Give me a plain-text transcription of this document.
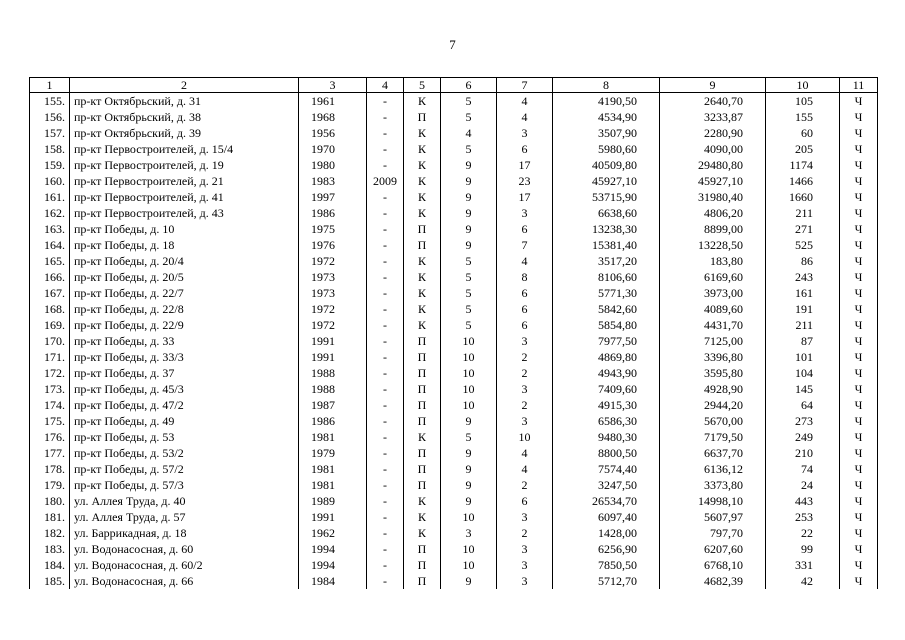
7
1	2	3	4	5	6	7	8	9	10	11
155.	пр-кт Октябрьский, д. 31	1961	-	К	5	4	4190,50	2640,70	105	Ч
156.	пр-кт Октябрьский, д. 38	1968	-	П	5	4	4534,90	3233,87	155	Ч
157.	пр-кт Октябрьский, д. 39	1956	-	К	4	3	3507,90	2280,90	60	Ч
158.	пр-кт Первостроителей, д. 15/4	1970	-	К	5	6	5980,60	4090,00	205	Ч
159.	пр-кт Первостроителей, д. 19	1980	-	К	9	17	40509,80	29480,80	1174	Ч
160.	пр-кт Первостроителей, д. 21	1983	2009	К	9	23	45927,10	45927,10	1466	Ч
161.	пр-кт Первостроителей, д. 41	1997	-	К	9	17	53715,90	31980,40	1660	Ч
162.	пр-кт Первостроителей, д. 43	1986	-	К	9	3	6638,60	4806,20	211	Ч
163.	пр-кт Победы, д. 10	1975	-	П	9	6	13238,30	8899,00	271	Ч
164.	пр-кт Победы, д. 18	1976	-	П	9	7	15381,40	13228,50	525	Ч
165.	пр-кт Победы, д. 20/4	1972	-	К	5	4	3517,20	183,80	86	Ч
166.	пр-кт Победы, д. 20/5	1973	-	К	5	8	8106,60	6169,60	243	Ч
167.	пр-кт Победы, д. 22/7	1973	-	К	5	6	5771,30	3973,00	161	Ч
168.	пр-кт Победы, д. 22/8	1972	-	К	5	6	5842,60	4089,60	191	Ч
169.	пр-кт Победы, д. 22/9	1972	-	К	5	6	5854,80	4431,70	211	Ч
170.	пр-кт Победы, д. 33	1991	-	П	10	3	7977,50	7125,00	87	Ч
171.	пр-кт Победы, д. 33/3	1991	-	П	10	2	4869,80	3396,80	101	Ч
172.	пр-кт Победы, д. 37	1988	-	П	10	2	4943,90	3595,80	104	Ч
173.	пр-кт Победы, д. 45/3	1988	-	П	10	3	7409,60	4928,90	145	Ч
174.	пр-кт Победы, д. 47/2	1987	-	П	10	2	4915,30	2944,20	64	Ч
175.	пр-кт Победы, д. 49	1986	-	П	9	3	6586,30	5670,00	273	Ч
176.	пр-кт Победы, д. 53	1981	-	К	5	10	9480,30	7179,50	249	Ч
177.	пр-кт Победы, д. 53/2	1979	-	П	9	4	8800,50	6637,70	210	Ч
178.	пр-кт Победы, д. 57/2	1981	-	П	9	4	7574,40	6136,12	74	Ч
179.	пр-кт Победы, д. 57/3	1981	-	П	9	2	3247,50	3373,80	24	Ч
180.	ул. Аллея Труда, д. 40	1989	-	К	9	6	26534,70	14998,10	443	Ч
181.	ул. Аллея Труда, д. 57	1991	-	К	10	3	6097,40	5607,97	253	Ч
182.	ул. Баррикадная, д. 18	1962	-	К	3	2	1428,00	797,70	22	Ч
183.	ул. Водонасосная, д. 60	1994	-	П	10	3	6256,90	6207,60	99	Ч
184.	ул. Водонасосная, д. 60/2	1994	-	П	10	3	7850,50	6768,10	331	Ч
185.	ул. Водонасосная, д. 66	1984	-	П	9	3	5712,70	4682,39	42	Ч
